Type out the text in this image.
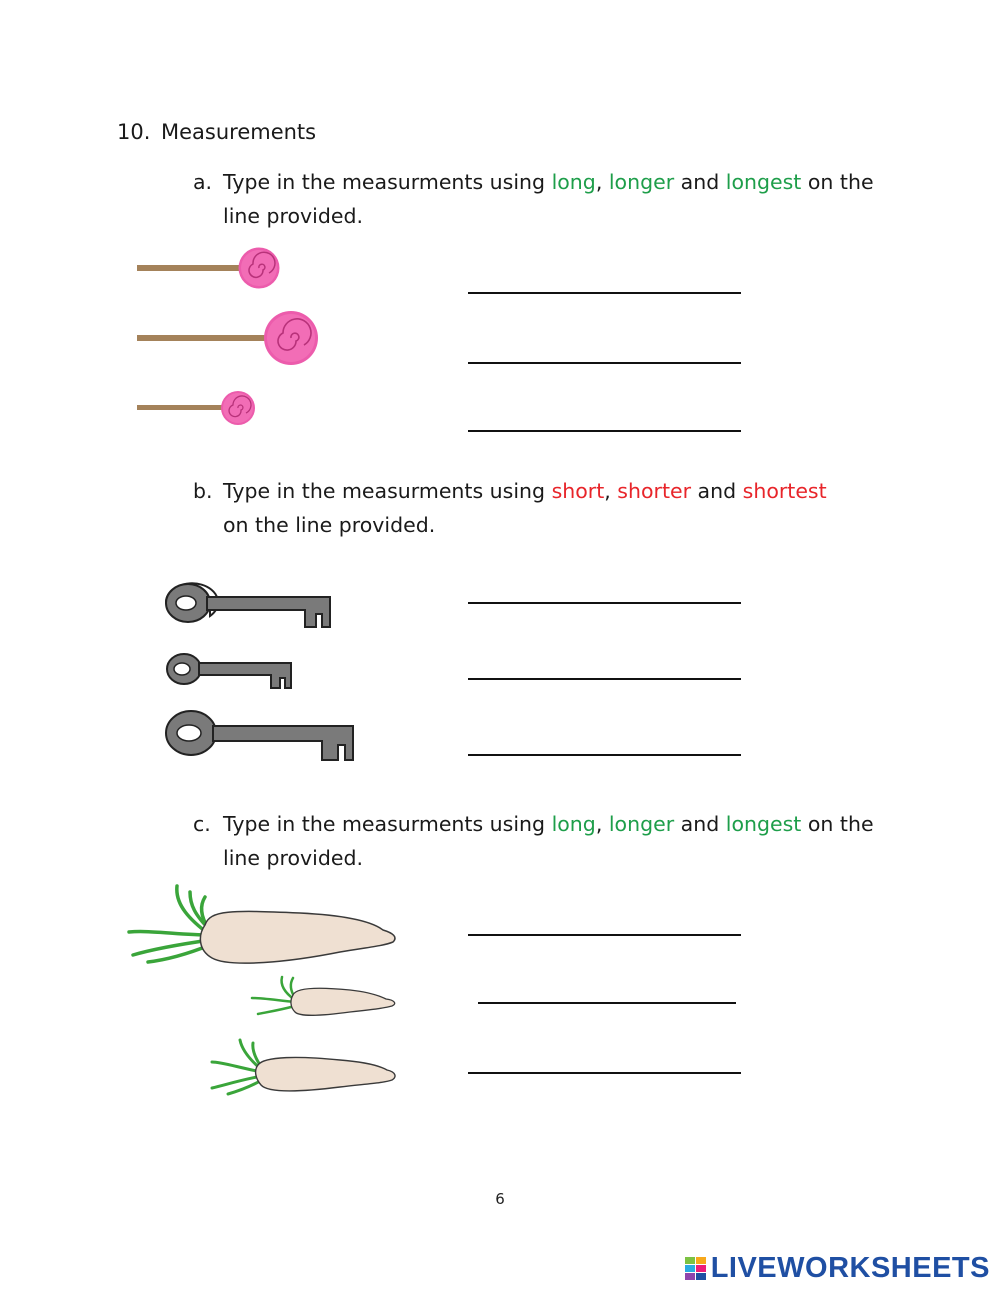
10. Measurements
a. Type in the measurments using long, longer and longest on the
line provided.
b. Type in the measurments using short, shorter and shortest
on the line provided.
c. Type in the measurments using long, longer and longest on the
line provided.
6
LIVEWORKSHEETS
